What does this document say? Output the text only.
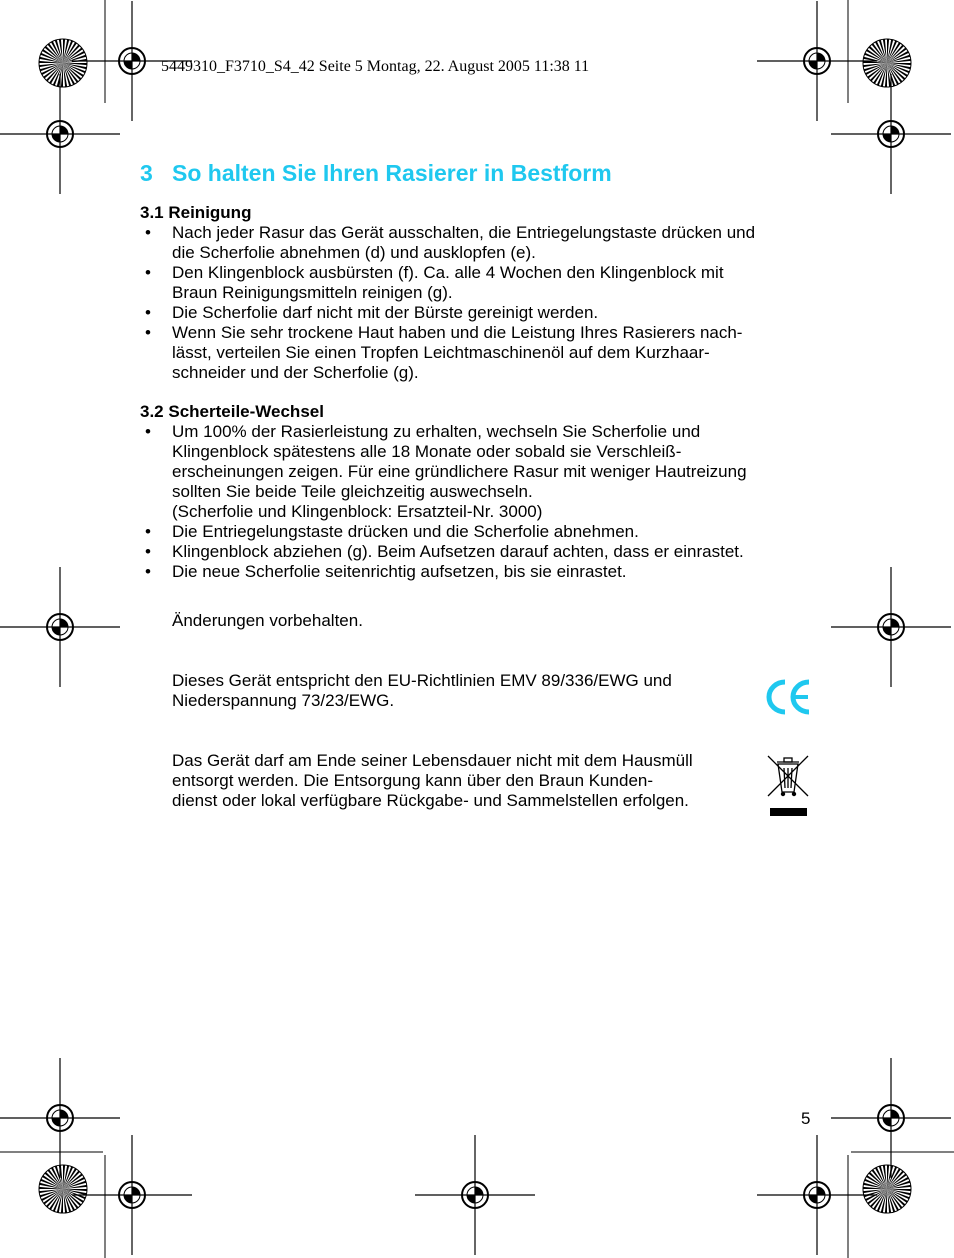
5449310_F3710_S4_42 Seite 5 Montag, 22. August 2005 11:38 11
3 So halten Sie Ihren Rasierer in Bestform

3.1 Reinigung

• Nach jeder Rasur das Gerät ausschalten, die Entriegelungstaste drücken und
die Scherfolie abnehmen (d) und ausklopfen (e).
• Den Klingenblock ausbürsten (f). Ca. alle 4 Wochen den Klingenblock mit
Braun Reinigungsmitteln reinigen (g).
• Die Scherfolie darf nicht mit der Bürste gereinigt werden.
• Wenn Sie sehr trockene Haut haben und die Leistung Ihres Rasierers nach-
lässt, verteilen Sie einen Tropfen Leichtmaschinenöl auf dem Kurzhaar-
schneider und der Scherfolie (g).

3.2 Scherteile-Wechsel

• Um 100% der Rasierleistung zu erhalten, wechseln Sie Scherfolie und
Klingenblock spätestens alle 18 Monate oder sobald sie Verschleiß-
erscheinungen zeigen. Für eine gründlichere Rasur mit weniger Hautreizung
sollten Sie beide Teile gleichzeitig auswechseln.
(Scherfolie und Klingenblock: Ersatzteil-Nr. 3000)
• Die Entriegelungstaste drücken und die Scherfolie abnehmen.
• Klingenblock abziehen (g). Beim Aufsetzen darauf achten, dass er einrastet.
• Die neue Scherfolie seitenrichtig aufsetzen, bis sie einrastet.
Änderungen vorbehalten.
Dieses Gerät entspricht den EU-Richtlinien EMV 89/336/EWG und
Niederspannung 73/23/EWG.
Das Gerät darf am Ende seiner Lebensdauer nicht mit dem Hausmüll
entsorgt werden. Die Entsorgung kann über den Braun Kunden-
dienst oder lokal verfügbare Rückgabe- und Sammelstellen erfolgen.
5
